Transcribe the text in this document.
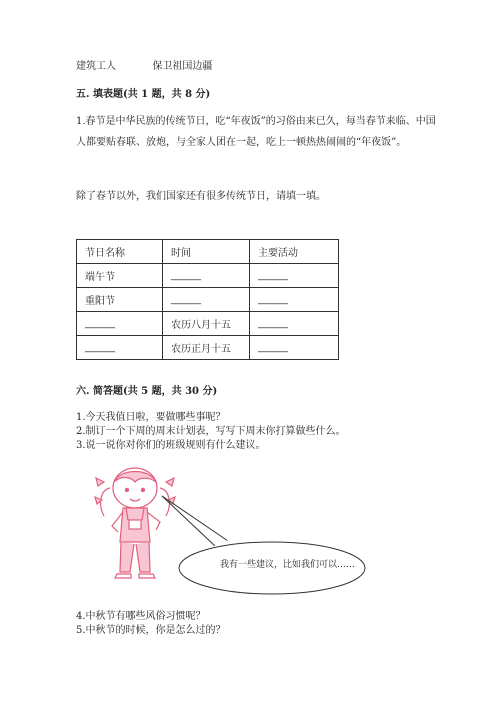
建筑工人	保卫祖国边疆
五. 填表题(共 1 题，共 8 分)
1.春节是中华民族的传统节日，吃“年夜饭”的习俗由来已久，每当春节来临、中国人都要贴春联、放炮，与全家人团在一起，吃上一顿热热闹闹的“年夜饭”。
除了春节以外，我们国家还有很多传统节日，请填一填。
节日名称	时间	主要活动
端午节	______	______
重阳节	______	______
______	农历八月十五	______
______	农历正月十五	______
六. 简答题(共 5 题，共 30 分)
1.今天我值日啦，要做哪些事呢？
2.制订一个下周的周末计划表，写写下周末你打算做些什么。
3.说一说你对你们的班级规则有什么建议。
我有一些建议，比如我们可以……
4.中秋节有哪些风俗习惯呢？
5.中秋节的时候，你是怎么过的？
